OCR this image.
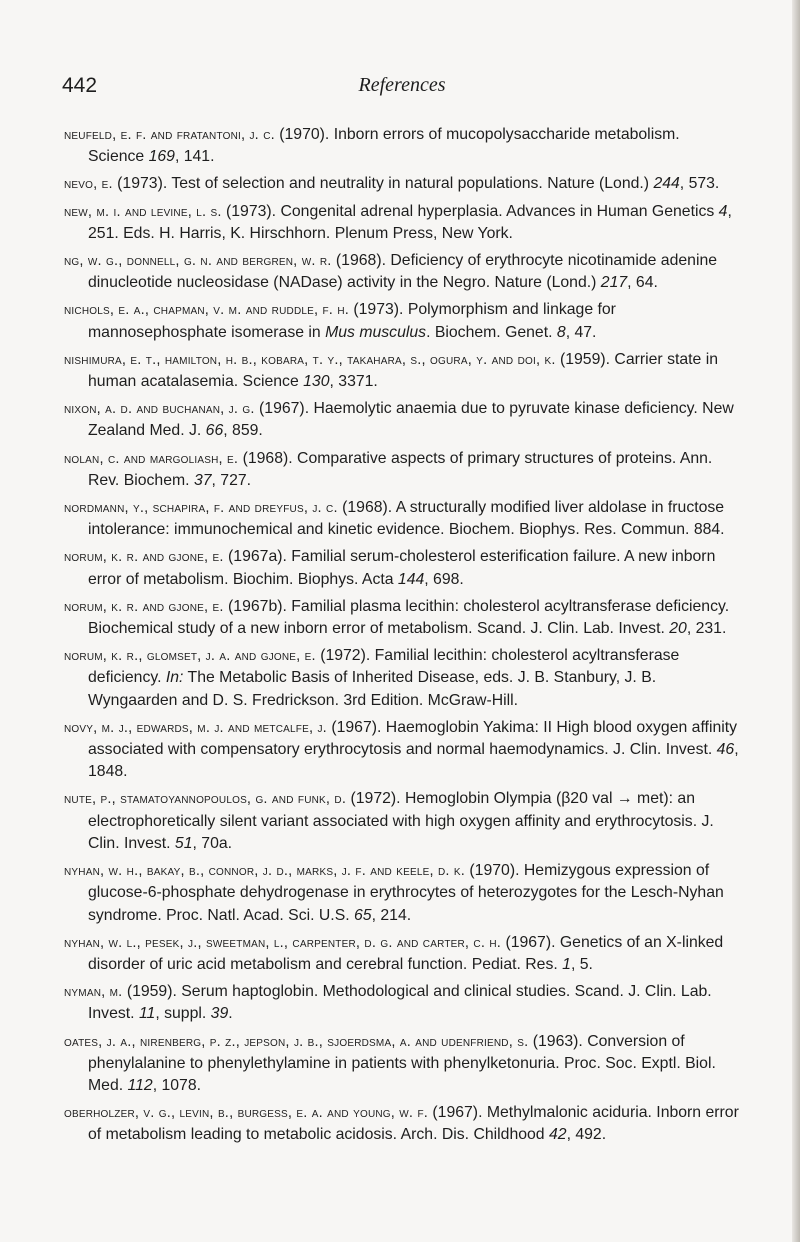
442	References

neufeld, e. f. and fratantoni, j. c. (1970). Inborn errors of mucopolysaccharide metabolism. Science 169, 141.

nevo, e. (1973). Test of selection and neutrality in natural populations. Nature (Lond.) 244, 573.

new, m. i. and levine, l. s. (1973). Congenital adrenal hyperplasia. Advances in Human Genetics 4, 251. Eds. H. Harris, K. Hirschhorn. Plenum Press, New York.

ng, w. g., donnell, g. n. and bergren, w. r. (1968). Deficiency of erythrocyte nicotinamide adenine dinucleotide nucleosidase (NADase) activity in the Negro. Nature (Lond.) 217, 64.

nichols, e. a., chapman, v. m. and ruddle, f. h. (1973). Polymorphism and linkage for mannosephosphate isomerase in Mus musculus. Biochem. Genet. 8, 47.

nishimura, e. t., hamilton, h. b., kobara, t. y., takahara, s., ogura, y. and doi, k. (1959). Carrier state in human acatalasemia. Science 130, 3371.

nixon, a. d. and buchanan, j. g. (1967). Haemolytic anaemia due to pyruvate kinase deficiency. New Zealand Med. J. 66, 859.

nolan, c. and margoliash, e. (1968). Comparative aspects of primary structures of proteins. Ann. Rev. Biochem. 37, 727.

nordmann, y., schapira, f. and dreyfus, j. c. (1968). A structurally modified liver aldolase in fructose intolerance: immunochemical and kinetic evidence. Biochem. Biophys. Res. Commun. 884.

norum, k. r. and gjone, e. (1967a). Familial serum-cholesterol esterification failure. A new inborn error of metabolism. Biochim. Biophys. Acta 144, 698.

norum, k. r. and gjone, e. (1967b). Familial plasma lecithin: cholesterol acyltransferase deficiency. Biochemical study of a new inborn error of metabolism. Scand. J. Clin. Lab. Invest. 20, 231.

norum, k. r., glomset, j. a. and gjone, e. (1972). Familial lecithin: cholesterol acyltransferase deficiency. In: The Metabolic Basis of Inherited Disease, eds. J. B. Stanbury, J. B. Wyngaarden and D. S. Fredrickson. 3rd Edition. McGraw-Hill.

novy, m. j., edwards, m. j. and metcalfe, j. (1967). Haemoglobin Yakima: II High blood oxygen affinity associated with compensatory erythrocytosis and normal haemodynamics. J. Clin. Invest. 46, 1848.

nute, p., stamatoyannopoulos, g. and funk, d. (1972). Hemoglobin Olympia (β20 val → met): an electrophoretically silent variant associated with high oxygen affinity and erythrocytosis. J. Clin. Invest. 51, 70a.

nyhan, w. h., bakay, b., connor, j. d., marks, j. f. and keele, d. k. (1970). Hemizygous expression of glucose-6-phosphate dehydrogenase in erythrocytes of heterozygotes for the Lesch-Nyhan syndrome. Proc. Natl. Acad. Sci. U.S. 65, 214.

nyhan, w. l., pesek, j., sweetman, l., carpenter, d. g. and carter, c. h. (1967). Genetics of an X-linked disorder of uric acid metabolism and cerebral function. Pediat. Res. 1, 5.

nyman, m. (1959). Serum haptoglobin. Methodological and clinical studies. Scand. J. Clin. Lab. Invest. 11, suppl. 39.

oates, j. a., nirenberg, p. z., jepson, j. b., sjoerdsma, a. and udenfriend, s. (1963). Conversion of phenylalanine to phenylethylamine in patients with phenylketonuria. Proc. Soc. Exptl. Biol. Med. 112, 1078.

oberholzer, v. g., levin, b., burgess, e. a. and young, w. f. (1967). Methylmalonic aciduria. Inborn error of metabolism leading to metabolic acidosis. Arch. Dis. Childhood 42, 492.
